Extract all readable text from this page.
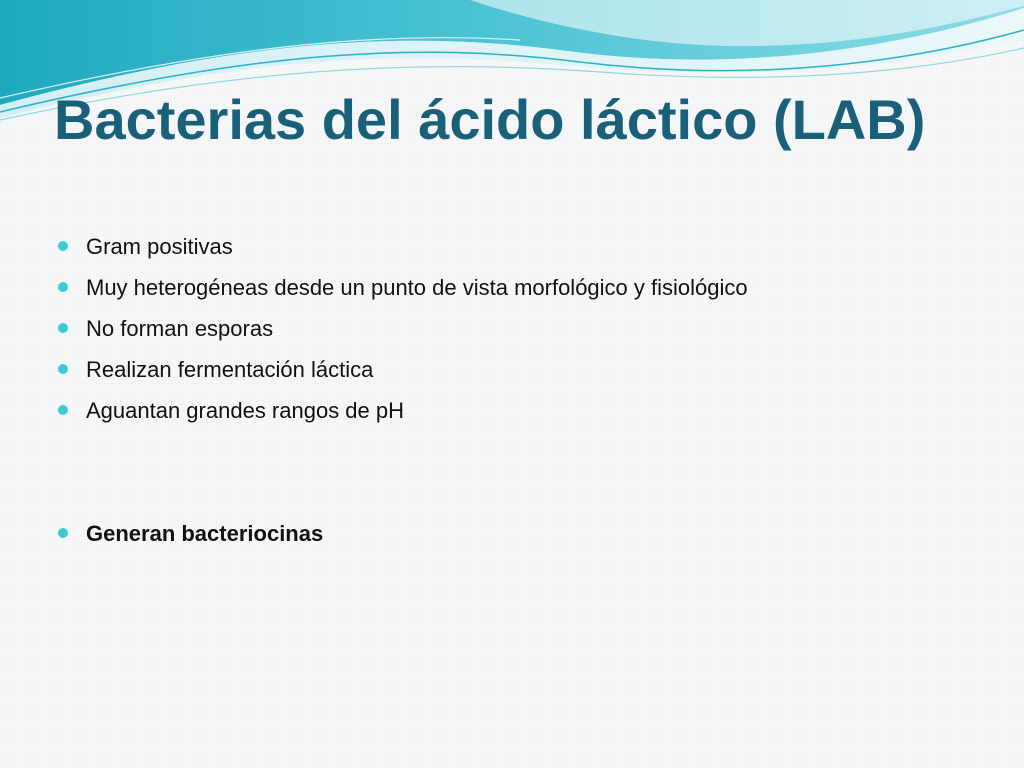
Bacterias del ácido láctico (LAB)
Gram positivas
Muy heterogéneas desde un punto de vista morfológico y fisiológico
No forman esporas
Realizan fermentación láctica
Aguantan grandes rangos de pH
Generan bacteriocinas
